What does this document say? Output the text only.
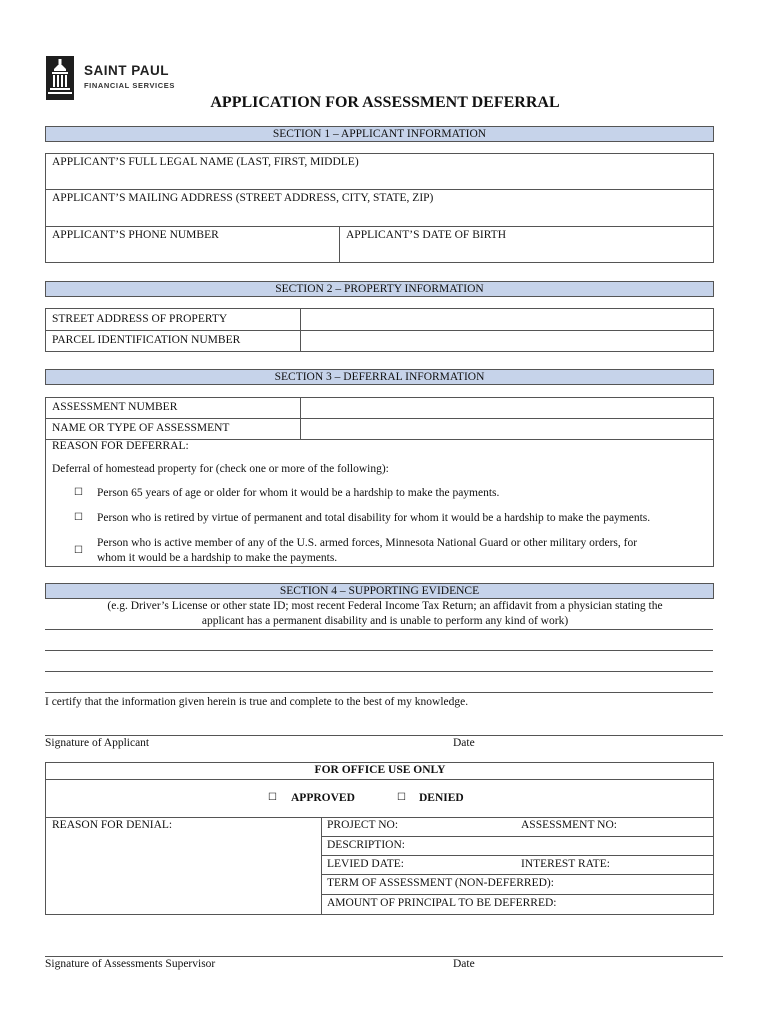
SAINT PAUL
FINANCIAL SERVICES
APPLICATION FOR ASSESSMENT DEFERRAL
SECTION 1 – APPLICANT INFORMATION
APPLICANT’S FULL LEGAL NAME (LAST, FIRST, MIDDLE)
APPLICANT’S MAILING ADDRESS (STREET ADDRESS, CITY, STATE, ZIP)
APPLICANT’S PHONE NUMBER	APPLICANT’S DATE OF BIRTH
SECTION 2 – PROPERTY INFORMATION
STREET ADDRESS OF PROPERTY
PARCEL IDENTIFICATION NUMBER
SECTION 3 – DEFERRAL INFORMATION
ASSESSMENT NUMBER
NAME OR TYPE OF ASSESSMENT
REASON FOR DEFERRAL:
Deferral of homestead property for (check one or more of the following):
☐ Person 65 years of age or older for whom it would be a hardship to make the payments.
☐ Person who is retired by virtue of permanent and total disability for whom it would be a hardship to make the payments.
☐
Person who is active member of any of the U.S. armed forces, Minnesota National Guard or other military orders, for
whom it would be a hardship to make the payments.
SECTION 4 – SUPPORTING EVIDENCE
(e.g. Driver’s License or other state ID; most recent Federal Income Tax Return; an affidavit from a physician stating the
applicant has a permanent disability and is unable to perform any kind of work)
I certify that the information given herein is true and complete to the best of my knowledge.
Signature of Applicant	Date
FOR OFFICE USE ONLY
☐ APPROVED	☐ DENIED
REASON FOR DENIAL:	PROJECT NO:	ASSESSMENT NO:
DESCRIPTION:
LEVIED DATE:	INTEREST RATE:
TERM OF ASSESSMENT (NON-DEFERRED):
AMOUNT OF PRINCIPAL TO BE DEFERRED:
Signature of Assessments Supervisor	Date
